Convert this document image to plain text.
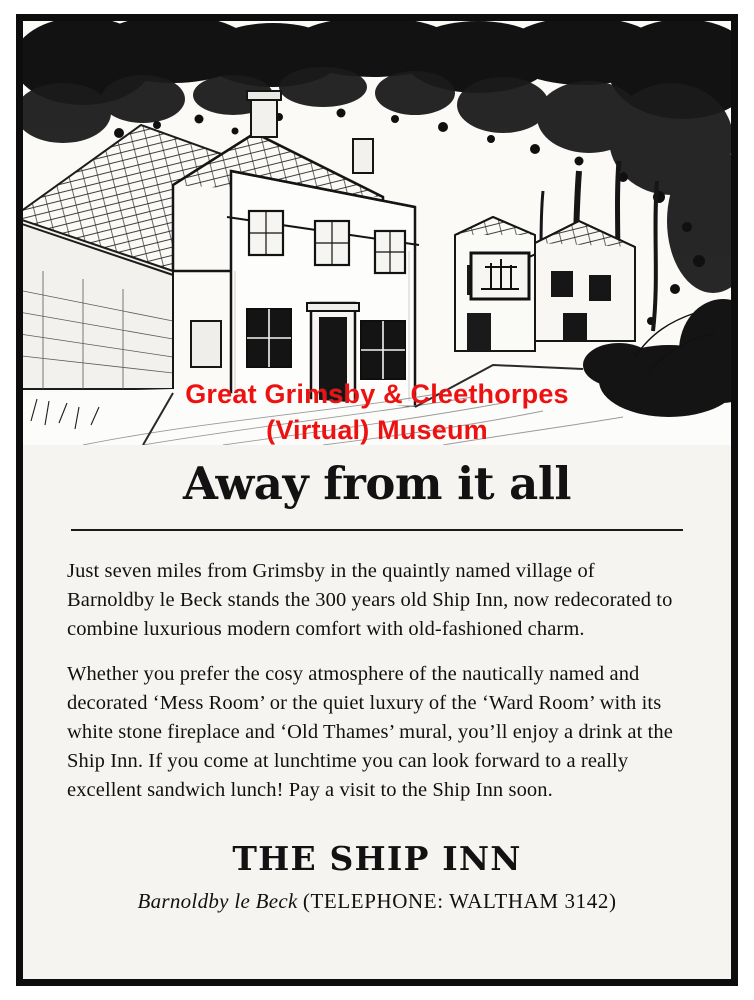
Great Grimsby & Cleethorpes
(Virtual) Museum
Away from it all

Just seven miles from Grimsby in the quaintly named village of Barnoldby le Beck stands the 300 years old Ship Inn, now redecorated to combine luxurious modern comfort with old-fashioned charm.

Whether you prefer the cosy atmosphere of the nautically named and decorated ‘Mess Room’ or the quiet luxury of the ‘Ward Room’ with its white stone fireplace and ‘Old Thames’ mural, you’ll enjoy a drink at the Ship Inn. If you come at lunchtime you can look forward to a really excellent sandwich lunch! Pay a visit to the Ship Inn soon.

THE SHIP INN
Barnoldby le Beck (TELEPHONE: WALTHAM 3142)
